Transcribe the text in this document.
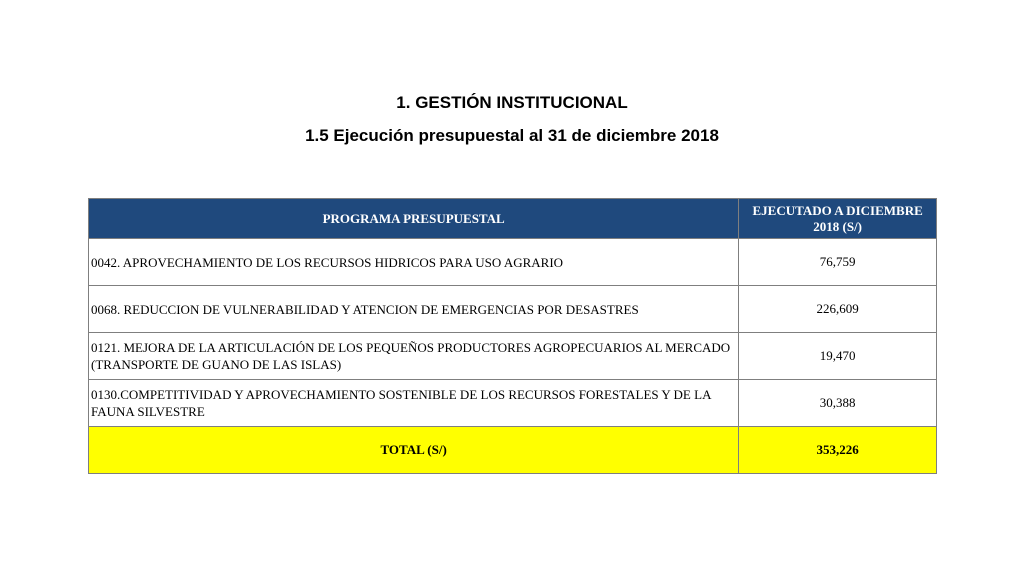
1. GESTIÓN INSTITUCIONAL
1.5 Ejecución presupuestal al 31 de diciembre 2018
PROGRAMA PRESUPUESTAL	EJECUTADO A DICIEMBRE 2018 (S/)
0042. APROVECHAMIENTO DE LOS RECURSOS HIDRICOS PARA USO AGRARIO	76,759
0068. REDUCCION DE VULNERABILIDAD Y ATENCION DE EMERGENCIAS POR DESASTRES	226,609
0121. MEJORA DE LA ARTICULACIÓN DE LOS PEQUEÑOS PRODUCTORES AGROPECUARIOS AL MERCADO (TRANSPORTE DE GUANO DE LAS ISLAS)	19,470
0130.COMPETITIVIDAD Y APROVECHAMIENTO SOSTENIBLE DE LOS RECURSOS FORESTALES Y DE LA FAUNA SILVESTRE	30,388
TOTAL (S/)	353,226
